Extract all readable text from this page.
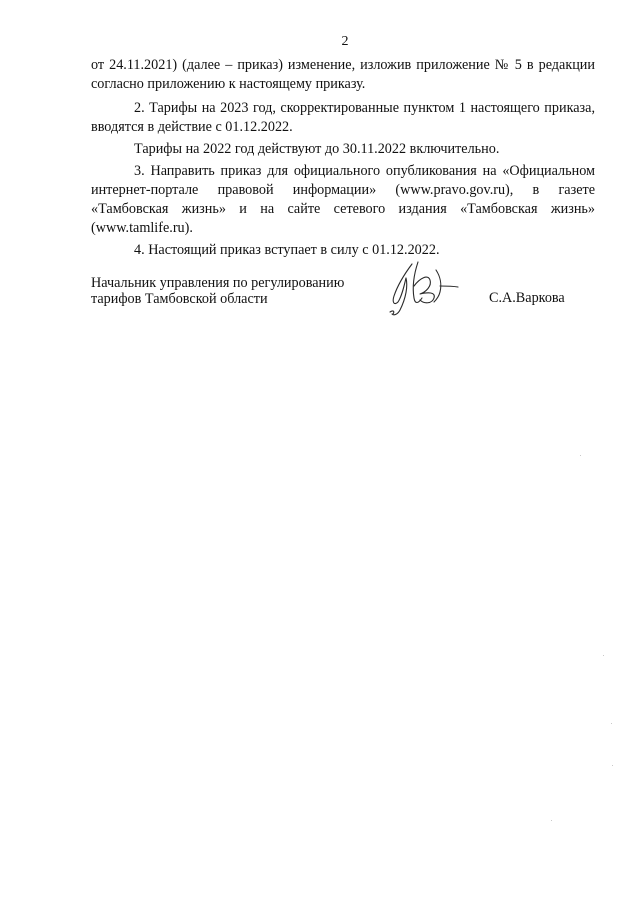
2

от 24.11.2021) (далее – приказ) изменение, изложив приложение № 5 в редакции согласно приложению к настоящему приказу.

2. Тарифы на 2023 год, скорректированные пунктом 1 настоящего приказа, вводятся в действие с 01.12.2022.

Тарифы на 2022 год действуют до 30.11.2022 включительно.

3. Направить приказ для официального опубликования на «Официальном интернет-портале правовой информации» (www.pravo.gov.ru), в газете «Тамбовская жизнь» и на сайте сетевого издания «Тамбовская жизнь» (www.tamlife.ru).

4. Настоящий приказ вступает в силу с 01.12.2022.

Начальник управления по регулированию
тарифов Тамбовской области	С.А.Варкова
